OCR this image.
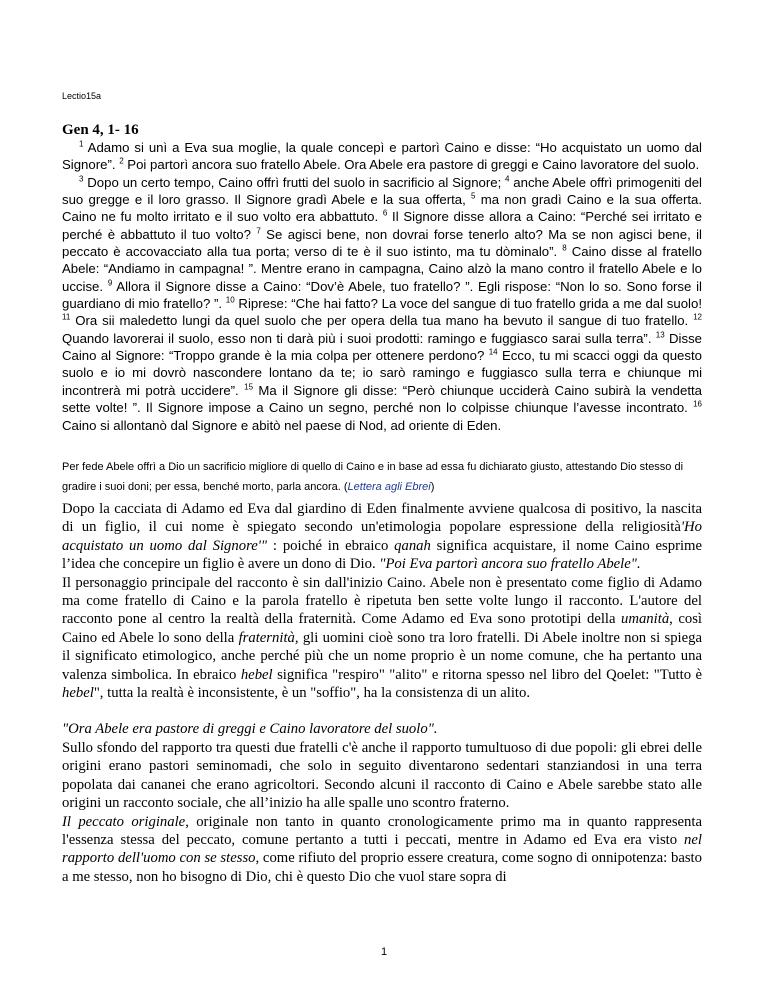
Lectio15a
Gen 4, 1- 16

$^1$ Adamo si unì a Eva sua moglie, la quale concepì e partorì Caino e disse: “Ho acquistato un uomo dal Signore”. $^2$ Poi partorì ancora suo fratello Abele. Ora Abele era pastore di greggi e Caino lavoratore del suolo.

$^3$ Dopo un certo tempo, Caino offrì frutti del suolo in sacrificio al Signore; $^4$ anche Abele offrì primogeniti del suo gregge e il loro grasso. Il Signore gradì Abele e la sua offerta, $^5$ ma non gradì Caino e la sua offerta. Caino ne fu molto irritato e il suo volto era abbattuto. $^6$ Il Signore disse allora a Caino: “Perché sei irritato e perché è abbattuto il tuo volto? $^7$ Se agisci bene, non dovrai forse tenerlo alto? Ma se non agisci bene, il peccato è accovacciato alla tua porta; verso di te è il suo istinto, ma tu dòminalo”. $^8$ Caino disse al fratello Abele: “Andiamo in campagna! ”. Mentre erano in campagna, Caino alzò la mano contro il fratello Abele e lo uccise. $^9$ Allora il Signore disse a Caino: “Dov’è Abele, tuo fratello? ”. Egli rispose: “Non lo so. Sono forse il guardiano di mio fratello? ”. $^{10}$ Riprese: “Che hai fatto? La voce del sangue di tuo fratello grida a me dal suolo! $^{11}$ Ora sii maledetto lungi da quel suolo che per opera della tua mano ha bevuto il sangue di tuo fratello. $^{12}$ Quando lavorerai il suolo, esso non ti darà più i suoi prodotti: ramingo e fuggiasco sarai sulla terra”. $^{13}$ Disse Caino al Signore: “Troppo grande è la mia colpa per ottenere perdono? $^{14}$ Ecco, tu mi scacci oggi da questo suolo e io mi dovrò nascondere lontano da te; io sarò ramingo e fuggiasco sulla terra e chiunque mi incontrerà mi potrà uccidere”. $^{15}$ Ma il Signore gli disse: “Però chiunque ucciderà Caino subirà la vendetta sette volte! ”. Il Signore impose a Caino un segno, perché non lo colpisse chiunque l’avesse incontrato. $^{16}$ Caino si allontanò dal Signore e abitò nel paese di Nod, ad oriente di Eden.

Per fede Abele offrì a Dio un sacrificio migliore di quello di Caino e in base ad essa fu dichiarato giusto, attestando Dio stesso di gradire i suoi doni; per essa, benché morto, parla ancora. (Lettera agli Ebrei)

Dopo la cacciata di Adamo ed Eva dal giardino di Eden finalmente avviene qualcosa di positivo, la nascita di un figlio, il cui nome è spiegato secondo un'etimologia popolare espressione della religiosità'Ho acquistato un uomo dal Signore'" : poiché in ebraico qanah significa acquistare, il nome Caino esprime l’idea che concepire un figlio è avere un dono di Dio. "Poi Eva partorì ancora suo fratello Abele".

Il personaggio principale del racconto è sin dall'inizio Caino. Abele non è presentato come figlio di Adamo ma come fratello di Caino e la parola fratello è ripetuta ben sette volte lungo il racconto. L'autore del racconto pone al centro la realtà della fraternità. Come Adamo ed Eva sono prototipi della umanità, così Caino ed Abele lo sono della fraternità, gli uomini cioè sono tra loro fratelli. Di Abele inoltre non si spiega il significato etimologico, anche perché più che un nome proprio è un nome comune, che ha pertanto una valenza simbolica. In ebraico hebel significa "respiro" "alito" e ritorna spesso nel libro del Qoelet: "Tutto è hebel", tutta la realtà è inconsistente, è un "soffio", ha la consistenza di un alito.

"Ora Abele era pastore di greggi e Caino lavoratore del suolo".
Sullo sfondo del rapporto tra questi due fratelli c'è anche il rapporto tumultuoso di due popoli: gli ebrei delle origini erano pastori seminomadi, che solo in seguito diventarono sedentari stanziandosi in una terra popolata dai cananei che erano agricoltori. Secondo alcuni il racconto di Caino e Abele sarebbe stato alle origini un racconto sociale, che all’inizio ha alle spalle uno scontro fraterno.

Il peccato originale, originale non tanto in quanto cronologicamente primo ma in quanto rappresenta l'essenza stessa del peccato, comune pertanto a tutti i peccati, mentre in Adamo ed Eva era visto nel rapporto dell'uomo con se stesso, come rifiuto del proprio essere creatura, come sogno di onnipotenza: basto a me stesso, non ho bisogno di Dio, chi è questo Dio che vuol stare sopra di

1
